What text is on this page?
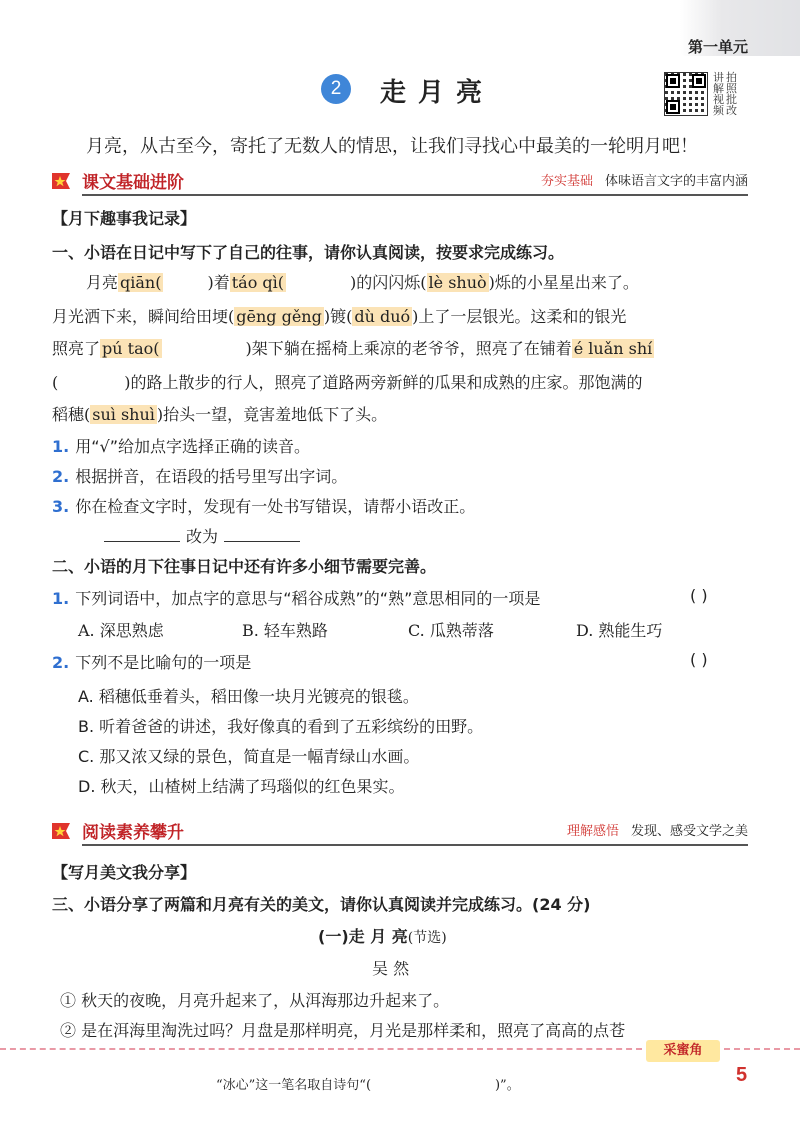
第一单元
2	走月亮
讲 拍
解 照
视 批
频 改
月亮，从古至今，寄托了无数人的情思，让我们寻找心中最美的一轮明月吧！
课文基础进阶	夯实基础 体味语言文字的丰富内涵
【月下趣事我记录】
一、小语在日记中写下了自己的往事，请你认真阅读，按要求完成练习。
月亮 qiān(	)着 táo qì(	)的闪闪烁( lè shuò )烁的小星星出来了。
月光洒下来，瞬间给田埂( gēng gěng )镀( dù duó )上了一层银光。这柔和的银光
照亮了 pú tao(	)架下躺在摇椅上乘凉的老爷爷，照亮了在铺着 é luǎn shí
(	)的路上散步的行人，照亮了道路两旁新鲜的瓜果和成熟的庄家。那饱满的
稻穗( suì shuì )抬头一望，竟害羞地低下了头。
1. 用“√”给加点字选择正确的读音。
2. 根据拼音，在语段的括号里写出字词。
3. 你在检查文字时，发现有一处书写错误，请帮小语改正。
改为
二、小语的月下往事日记中还有许多小细节需要完善。
1. 下列词语中，加点字的意思与“稻谷成熟”的“熟”意思相同的一项是	( )
A. 深思熟虑	B. 轻车熟路	C. 瓜熟蒂落	D. 熟能生巧
2. 下列不是比喻句的一项是	( )
A. 稻穗低垂着头，稻田像一块月光镀亮的银毯。
B. 听着爸爸的讲述，我好像真的看到了五彩缤纷的田野。
C. 那又浓又绿的景色，简直是一幅青绿山水画。
D. 秋天，山楂树上结满了玛瑙似的红色果实。
阅读素养攀升	理解感悟 发现、感受文学之美
【写月美文我分享】
三、小语分享了两篇和月亮有关的美文，请你认真阅读并完成练习。(24 分)
(一)走 月 亮(节选)
吴 然
① 秋天的夜晚，月亮升起来了，从洱海那边升起来了。
② 是在洱海里淘洗过吗？月盘是那样明亮，月光是那样柔和，照亮了高高的点苍
采蜜角
“冰心”这一笔名取自诗句“(                              )”。	5
